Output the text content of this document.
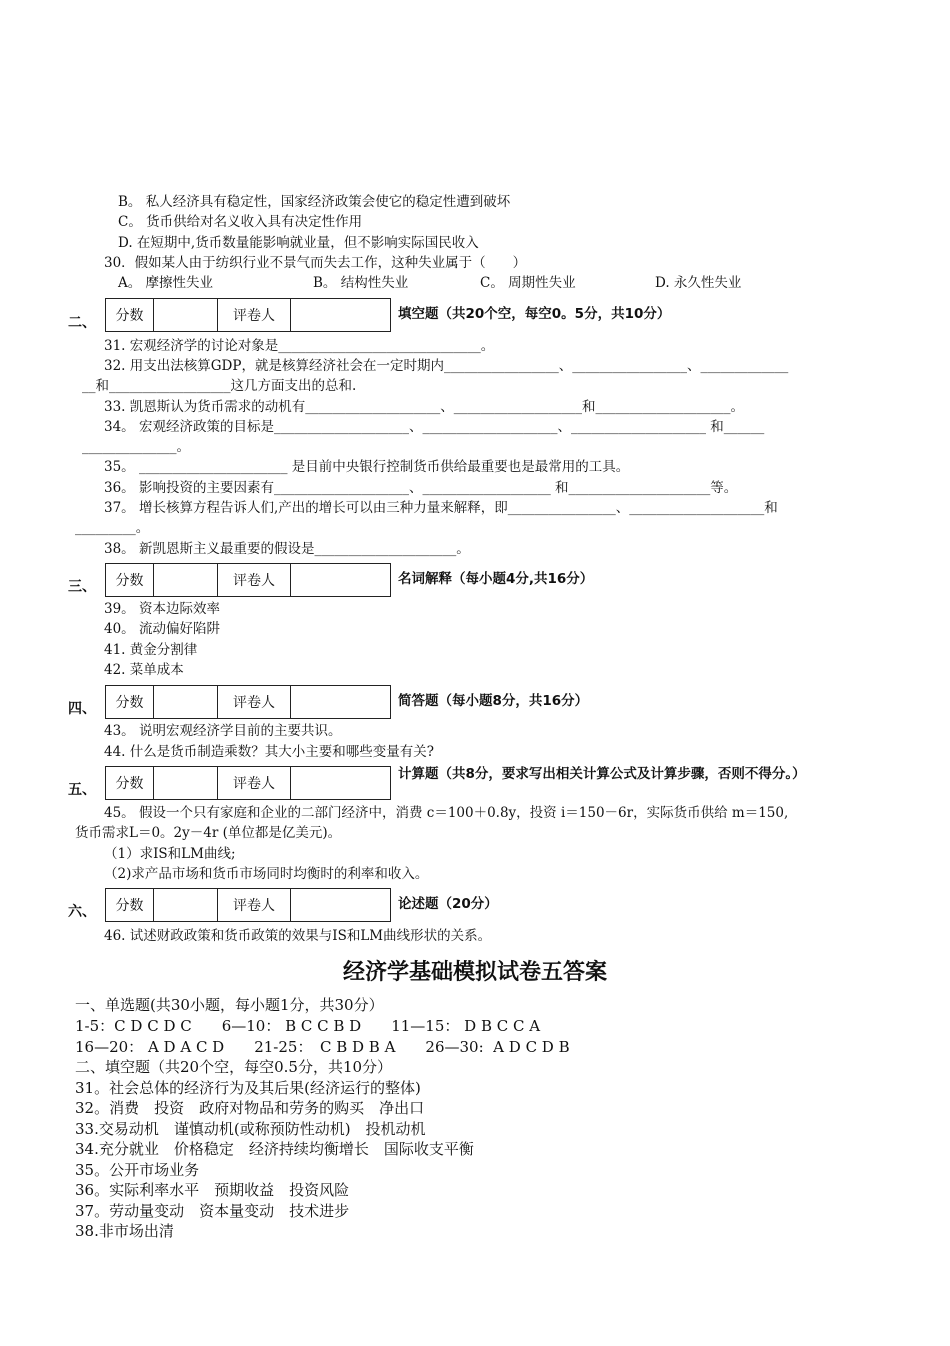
B。 私人经济具有稳定性，国家经济政策会使它的稳定性遭到破坏
C。 货币供给对名义收入具有决定性作用
D. 在短期中,货币数量能影响就业量，但不影响实际国民收入
30．假如某人由于纺织行业不景气而失去工作，这种失业属于（　　）
A。 摩擦性失业	B。 结构性失业	C。 周期性失业	D. 永久性失业
二、	分数	评卷人	填空题（共20个空，每空0。5分，共10分）
31. 宏观经济学的讨论对象是______________________________。
32. 用支出法核算GDP，就是核算经济社会在一定时期内_________________、_________________、_____________
__和__________________这几方面支出的总和.
33. 凯恩斯认为货币需求的动机有____________________、___________________和____________________。
34。 宏观经济政策的目标是____________________、____________________、____________________ 和______
______________。
35。 ______________________ 是目前中央银行控制货币供给最重要也是最常用的工具。
36。 影响投资的主要因素有____________________、___________________ 和_____________________等。
37。 增长核算方程告诉人们,产出的增长可以由三种力量来解释，即________________、____________________和
_________。
38。 新凯恩斯主义最重要的假设是_____________________。
三、	分数	评卷人	名词解释（每小题4分,共16分）
39。 资本边际效率
40。 流动偏好陷阱
41. 黄金分割律
42. 菜单成本
四、	分数	评卷人	简答题（每小题8分，共16分）
43。 说明宏观经济学目前的主要共识。
44. 什么是货币制造乘数？其大小主要和哪些变量有关?
五、	分数	评卷人
计算题（共8分，要求写出相关计算公式及计算步骤，否则不得分。）
45。 假设一个只有家庭和企业的二部门经济中，消费 c＝100＋0.8y，投资 i＝150－6r，实际货币供给 m＝150,
货币需求L＝0。2y－4r (单位都是亿美元)。
（1）求IS和LM曲线;
（2)求产品市场和货币市场同时均衡时的利率和收入。
六、	分数	评卷人	论述题（20分）
46. 试述财政政策和货币政策的效果与IS和LM曲线形状的关系。
经济学基础模拟试卷五答案
一、单选题(共30小题，每小题1分，共30分）
1-5：C D C D C　　6—10： B C C B D　　11—15： D B C C A
16—20： A D A C D　　21-25：　C B D B A　　26—30:  A D C D B
二、填空题（共20个空，每空0.5分，共10分）
31。社会总体的经济行为及其后果(经济运行的整体)
32。消费　投资　政府对物品和劳务的购买　净出口
33.交易动机　谨慎动机(或称预防性动机)　投机动机
34.充分就业　价格稳定　经济持续均衡增长　国际收支平衡
35。公开市场业务
36。实际利率水平　预期收益　投资风险
37。劳动量变动　资本量变动　技术进步
38.非市场出清
